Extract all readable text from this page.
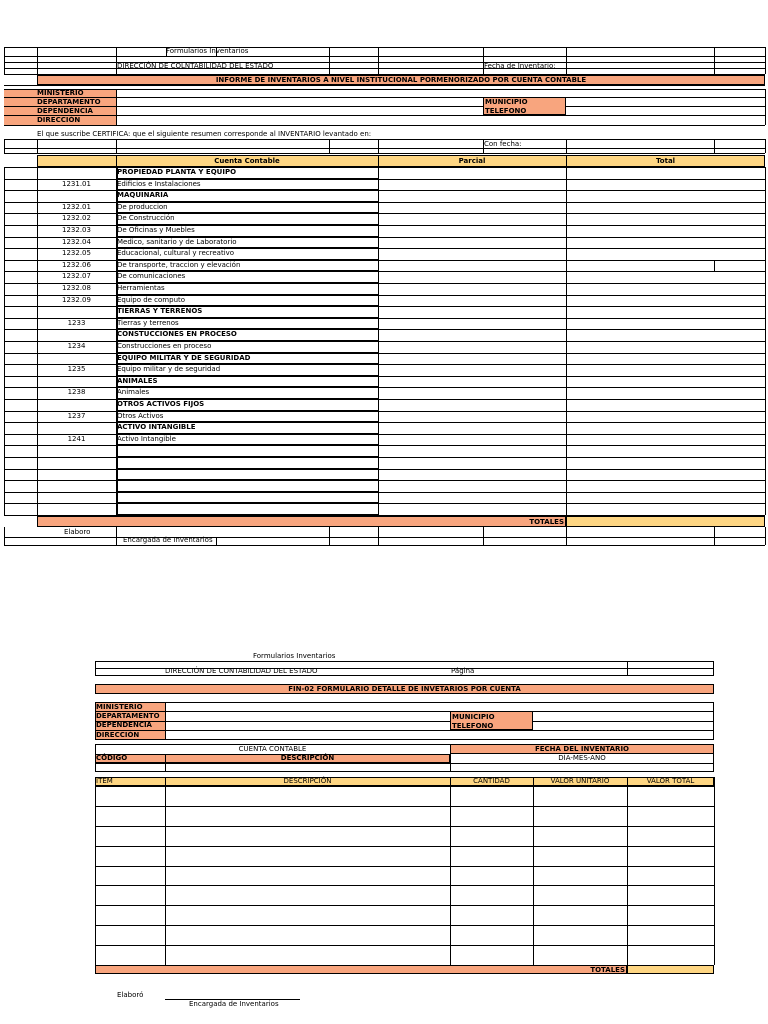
Formularios Inventarios
DIRECCIÓN DE COLNTABILIDAD DEL ESTADO	Fecha de Inventario;
INFORME DE INVENTARIOS A NIVEL INSTITUCIONAL PORMENORIZADO POR CUENTA CONTABLE
MINISTERIO
DEPARTAMENTO
DEPENDENCIA
DIRECCIÓN
MUNICIPIO
TELEFONO
El que suscribe CERTIFICA: que el siguiente resumen corresponde al INVENTARIO levantado en:
Con fecha:
Cuenta Contable	Parcial	Total
PROPIEDAD PLANTA Y EQUIPO
1231.01	Edificios e Instalaciones
MAQUINARIA
1232.01	De produccion
1232.02	De Construcción
1232.03	De Oficinas y Muebles
1232.04	Medico, sanitario y de Laboratorio
1232.05	Educacional, cultural y recreativo
1232.06	De transporte, traccion y elevación
1232.07	De comunicaciones
1232.08	Herramientas
1232.09	Equipo de computo
TIERRAS Y TERRENOS
1233	Tierras y terrenos
CONSTUCCIONES EN PROCESO
1234	Construcciones en proceso
EQUIPO MILITAR Y DE SEGURIDAD
1235	Equipo militar y de seguridad
ANIMALES
1238	Animales
OTROS ACTIVOS FIJOS
1237	Otros Activos
ACTIVO INTANGIBLE
1241	Activo Intangible
TOTALES
Elaboro
Encargada de Inventarios
Formularios Inventarios
DIRECCIÓN DE CONTABILIDAD DEL ESTADO	Página
FIN-02 FORMULARIO DETALLE DE INVETARIOS POR CUENTA
MINISTERIO
DEPARTAMENTO
DEPENDENCIA
DIRECCIÓN
MUNICIPIO
TELEFONO
CUENTA CONTABLE	FECHA DEL INVENTARIO
CÓDIGO	DESCRIPCIÓN	DÍA-MES-AÑO
ITEM	DESCRIPCIÓN	CANTIDAD	VALOR UNITARIO	VALOR TOTAL
TOTALES
Elaboró
Encargada de Inventarios
